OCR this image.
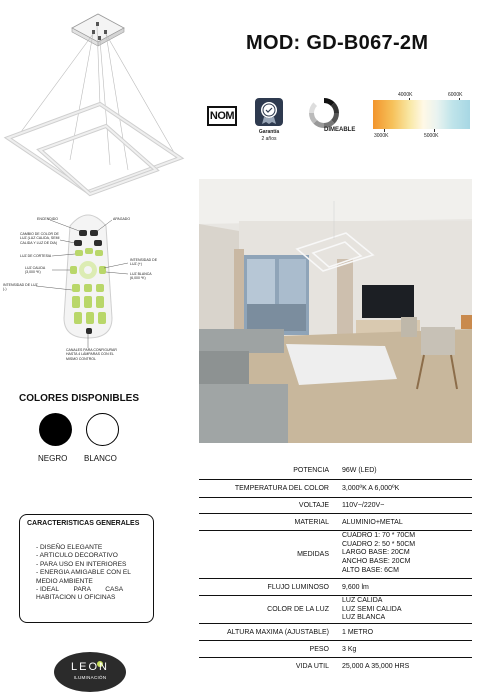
MOD: GD-B067-2M
NOM
Garantía
2 años
DIMEABLE
4000K	6000K
3000K	5000K
ENCENDIDO	APAGADO
CAMBIO DE COLOR DE LUZ (LUZ CALIDA, SEMI CALIDA Y LUZ DE DIA)
LUZ DE CORTESIA
LUZ CALIDA (3,000 ºK)
INTENSIDAD DE LUZ (+)
LUZ BLANCA (6,000 ºK)
INTENSIDAD DE LUZ (-)
CANALES PARA CONFIGURAR HASTA 4 LÁMPARAS CON EL MISMO CONTROL
COLORES DISPONIBLES
NEGRO BLANCO
CARACTERISTICAS GENERALES
- DISEÑO ELEGANTE
- ARTICULO DECORATIVO
- PARA USO EN INTERIORES
- ENERGIA AMIGABLE CON EL
MEDIO AMBIENTE
- IDEAL        PARA        CASA
HABITACION U OFICINAS
LEON
ILUMINACIÓN
POTENCIA 96W (LED)
TEMPERATURA DEL COLOR 3,000ºK A 6,000ºK
VOLTAJE 110V~/220V~
MATERIAL ALUMINIO+METAL
MEDIDAS
CUADRO 1: 70 * 70CM
CUADRO 2: 50 * 50CM
LARGO BASE: 20CM
ANCHO BASE: 20CM
ALTO BASE: 6CM
FLUJO LUMINOSO 9,600 lm
COLOR DE LA LUZ
LUZ CALIDA
LUZ SEMI CALIDA
LUZ BLANCA
ALTURA MAXIMA (AJUSTABLE) 1 METRO
PESO 3 Kg
VIDA UTIL 25,000 A 35,000 HRS
